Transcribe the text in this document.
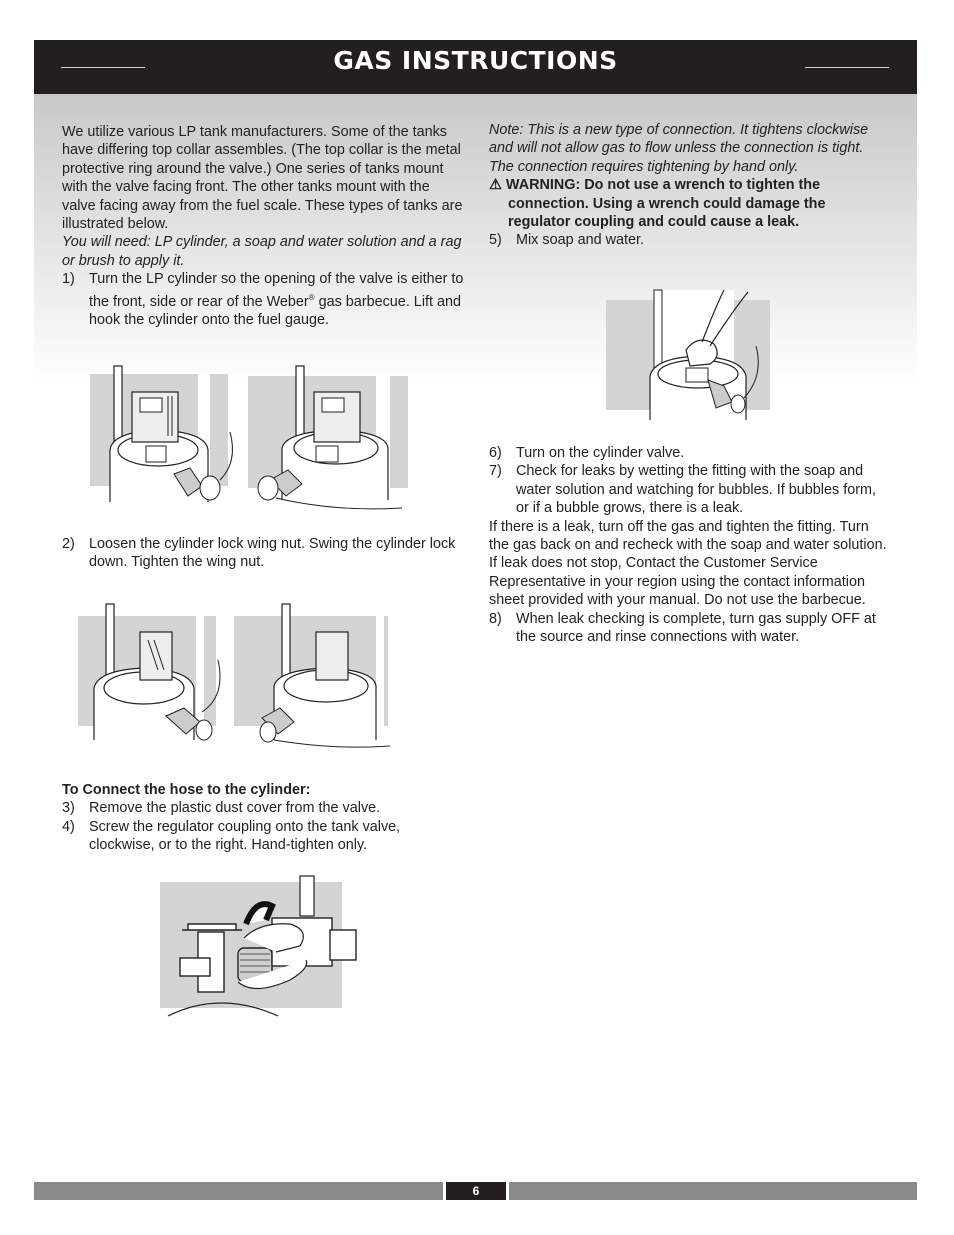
GAS INSTRUCTIONS

We utilize various LP tank manufacturers. Some of the tanks have differing top collar assembles. (The top collar is the metal protective ring around the valve.) One series of tanks mount with the valve facing front. The other tanks mount with the valve facing away from the fuel scale. These types of tanks are illustrated below.

You will need: LP cylinder, a soap and water solution and a rag or brush to apply it.

1) Turn the LP cylinder so the opening of the valve is either to the front, side or rear of the Weber® gas barbecue. Lift and hook the cylinder onto the fuel gauge.
2) Loosen the cylinder lock wing nut. Swing the cylinder lock down. Tighten the wing nut.

To Connect the hose to the cylinder:

3) Remove the plastic dust cover from the valve.
4) Screw the regulator coupling onto the tank valve, clockwise, or to the right. Hand-tighten only.

Note: This is a new type of connection. It tightens clockwise and will not allow gas to flow unless the connection is tight. The connection requires tightening by hand only.

⚠ WARNING: Do not use a wrench to tighten the connection. Using a wrench could damage the regulator coupling and could cause a leak.

5) Mix soap and water.
6) Turn on the cylinder valve.
7) Check for leaks by wetting the fitting with the soap and water solution and watching for bubbles. If bubbles form, or if a bubble grows, there is a leak.

If there is a leak, turn off the gas and tighten the fitting. Turn the gas back on and recheck with the soap and water solution.

If leak does not stop, Contact the Customer Service Representative in your region using the contact information sheet provided with your manual. Do not use the barbecue.

8) When leak checking is complete, turn gas supply OFF at the source and rinse connections with water.
6
